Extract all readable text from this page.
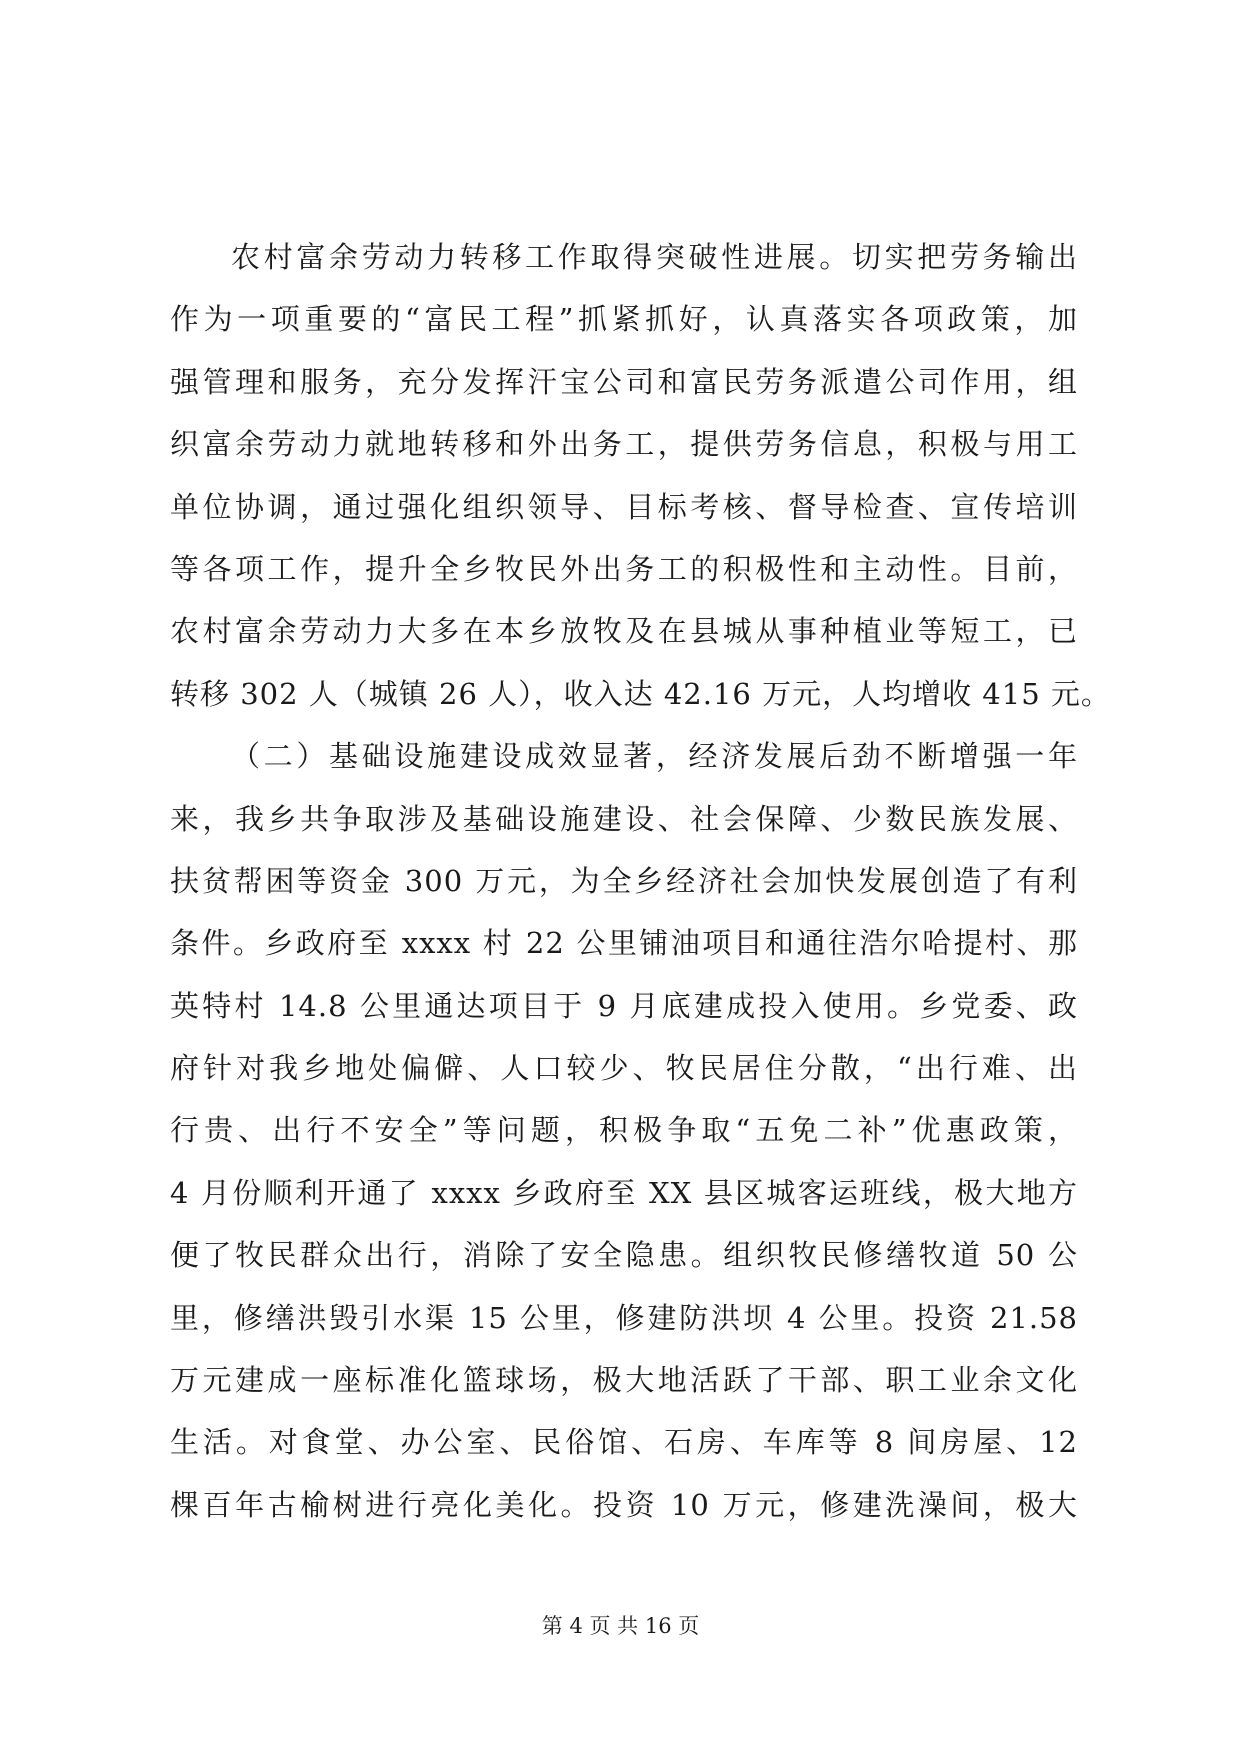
农村富余劳动力转移工作取得突破性进展。切实把劳务输出
作为一项重要的“富民工程”抓紧抓好，认真落实各项政策，加
强管理和服务，充分发挥汗宝公司和富民劳务派遣公司作用，组
织富余劳动力就地转移和外出务工，提供劳务信息，积极与用工
单位协调，通过强化组织领导、目标考核、督导检查、宣传培训
等各项工作，提升全乡牧民外出务工的积极性和主动性。目前，
农村富余劳动力大多在本乡放牧及在县城从事种植业等短工，已
转移 302 人（城镇 26 人），收入达 42.16 万元，人均增收 415 元。
（二）基础设施建设成效显著，经济发展后劲不断增强一年
来，我乡共争取涉及基础设施建设、社会保障、少数民族发展、
扶贫帮困等资金 300 万元，为全乡经济社会加快发展创造了有利
条件。乡政府至 xxxx 村 22 公里铺油项目和通往浩尔哈提村、那
英特村 14.8 公里通达项目于 9 月底建成投入使用。乡党委、政
府针对我乡地处偏僻、人口较少、牧民居住分散，“出行难、出
行贵、出行不安全”等问题，积极争取“五免二补”优惠政策，
4 月份顺利开通了 xxxx 乡政府至 XX 县区城客运班线，极大地方
便了牧民群众出行，消除了安全隐患。组织牧民修缮牧道 50 公
里，修缮洪毁引水渠 15 公里，修建防洪坝 4 公里。投资 21.58
万元建成一座标准化篮球场，极大地活跃了干部、职工业余文化
生活。对食堂、办公室、民俗馆、石房、车库等 8 间房屋、12
棵百年古榆树进行亮化美化。投资 10 万元，修建洗澡间，极大
第 4 页 共 16 页
